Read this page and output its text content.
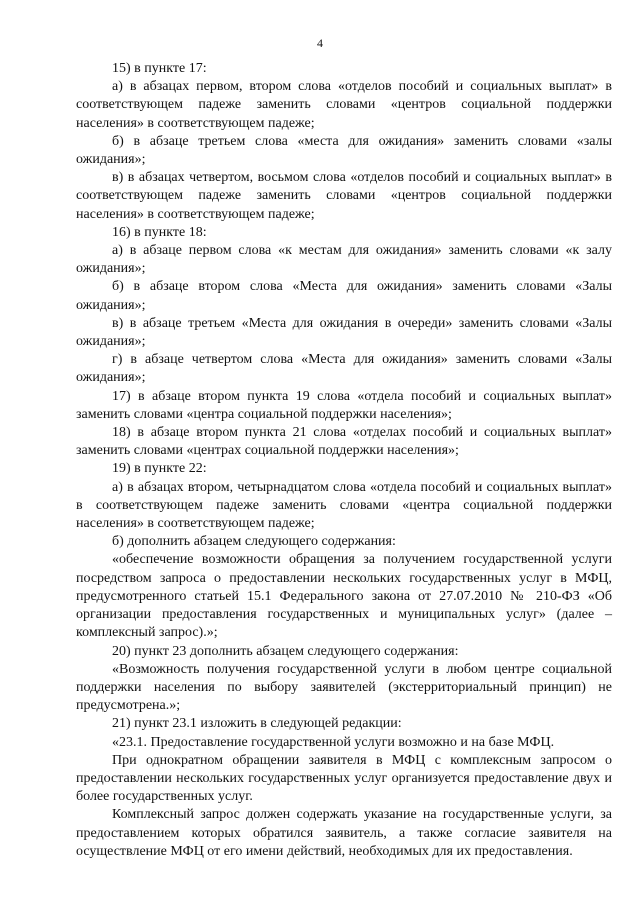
4

15) в пункте 17:

а) в абзацах первом, втором слова «отделов пособий и социальных выплат» в соответствующем падеже заменить словами «центров социальной поддержки населения» в соответствующем падеже;

б) в абзаце третьем слова «места для ожидания» заменить словами «залы ожидания»;

в) в абзацах четвертом, восьмом слова «отделов пособий и социальных выплат» в соответствующем падеже заменить словами «центров социальной поддержки населения» в соответствующем падеже;

16) в пункте 18:

а) в абзаце первом слова «к местам для ожидания» заменить словами «к залу ожидания»;

б) в абзаце втором слова «Места для ожидания» заменить словами «Залы ожидания»;

в) в абзаце третьем «Места для ожидания в очереди» заменить словами «Залы ожидания»;

г) в абзаце четвертом слова «Места для ожидания» заменить словами «Залы ожидания»;

17) в абзаце втором пункта 19 слова «отдела пособий и социальных выплат» заменить словами «центра социальной поддержки населения»;

18) в абзаце втором пункта 21 слова «отделах пособий и социальных выплат» заменить словами «центрах социальной поддержки населения»;

19) в пункте 22:

а) в абзацах втором, четырнадцатом слова «отдела пособий и социальных выплат» в соответствующем падеже заменить словами «центра социальной поддержки населения» в соответствующем падеже;

б) дополнить абзацем следующего содержания:

«обеспечение возможности обращения за получением государственной услуги посредством запроса о предоставлении нескольких государственных услуг в МФЦ, предусмотренного статьей 15.1 Федерального закона от 27.07.2010 № 210-ФЗ «Об организации предоставления государственных и муниципальных услуг» (далее – комплексный запрос).»;

20) пункт 23 дополнить абзацем следующего содержания:

«Возможность получения государственной услуги в любом центре социальной поддержки населения по выбору заявителей (экстерриториальный принцип) не предусмотрена.»;

21) пункт 23.1 изложить в следующей редакции:

«23.1. Предоставление государственной услуги возможно и на базе МФЦ.

При однократном обращении заявителя в МФЦ с комплексным запросом о предоставлении нескольких государственных услуг организуется предоставление двух и более государственных услуг.

Комплексный запрос должен содержать указание на государственные услуги, за предоставлением которых обратился заявитель, а также согласие заявителя на осуществление МФЦ от его имени действий, необходимых для их предоставления.
